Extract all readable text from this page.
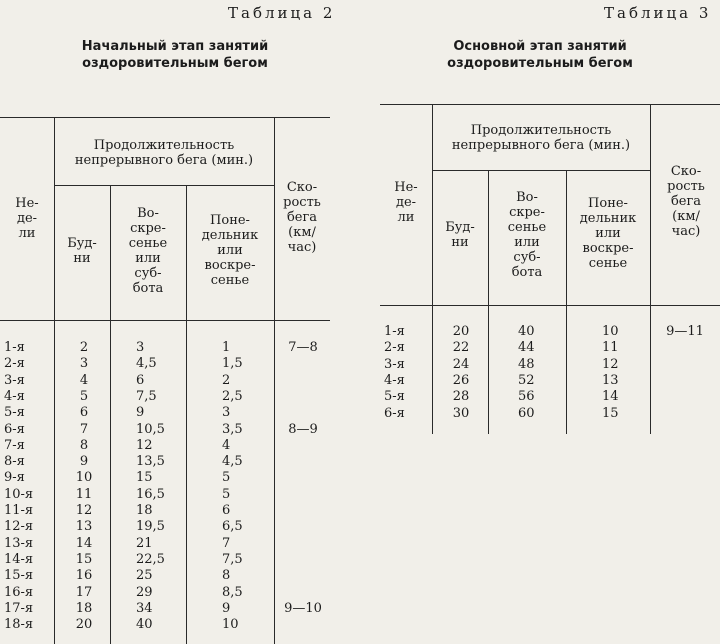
Таблица 2
Начальный этап занятий
оздоровительным бегом
Не-
де-
ли
Продолжительность
непрерывного бега (мин.)
Буд-
ни
Во-
скре-
сенье
или
суб-
бота
Поне-
дельник
или
воскре-
сенье
Ско-
рость
бега
(км/
час)
1-я	2	3	1	7—8
2-я	3	4,5	1,5
3-я	4	6	2
4-я	5	7,5	2,5
5-я	6	9	3
6-я	7	10,5	3,5	8—9
7-я	8	12	4
8-я	9	13,5	4,5
9-я	10	15	5
10-я	11	16,5	5
11-я	12	18	6
12-я	13	19,5	6,5
13-я	14	21	7
14-я	15	22,5	7,5
15-я	16	25	8
16-я	17	29	8,5
17-я	18	34	9	9—10
18-я	20	40	10
Таблица 3
Основной этап занятий
оздоровительным бегом
Не-
де-
ли
Продолжительность
непрерывного бега (мин.)
Буд-
ни
Во-
скре-
сенье
или
суб-
бота
Поне-
дельник
или
воскре-
сенье
Ско-
рость
бега
(км/
час)
1-я	20	40	10	9—11
2-я	22	44	11
3-я	24	48	12
4-я	26	52	13
5-я	28	56	14
6-я	30	60	15
